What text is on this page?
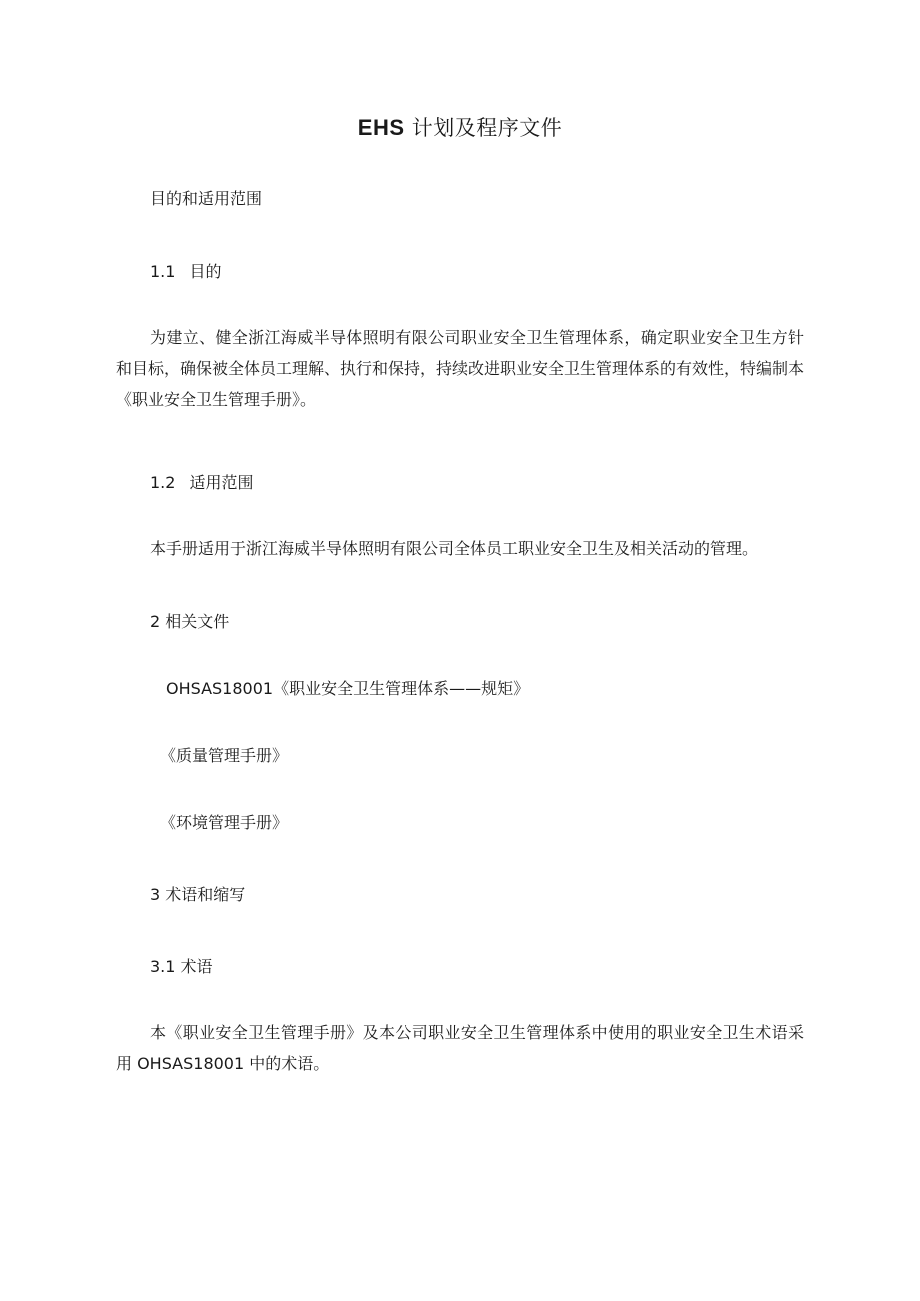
EHS 计划及程序文件

目的和适用范围

1.1 目的

为建立、健全浙江海威半导体照明有限公司职业安全卫生管理体系，确定职业安全卫生方针和目标，确保被全体员工理解、执行和保持，持续改进职业安全卫生管理体系的有效性，特编制本《职业安全卫生管理手册》。

1.2 适用范围

本手册适用于浙江海威半导体照明有限公司全体员工职业安全卫生及相关活动的管理。

2 相关文件

OHSAS18001《职业安全卫生管理体系——规矩》

《质量管理手册》

《环境管理手册》

3 术语和缩写

3.1 术语

本《职业安全卫生管理手册》及本公司职业安全卫生管理体系中使用的职业安全卫生术语采用 OHSAS18001 中的术语。
